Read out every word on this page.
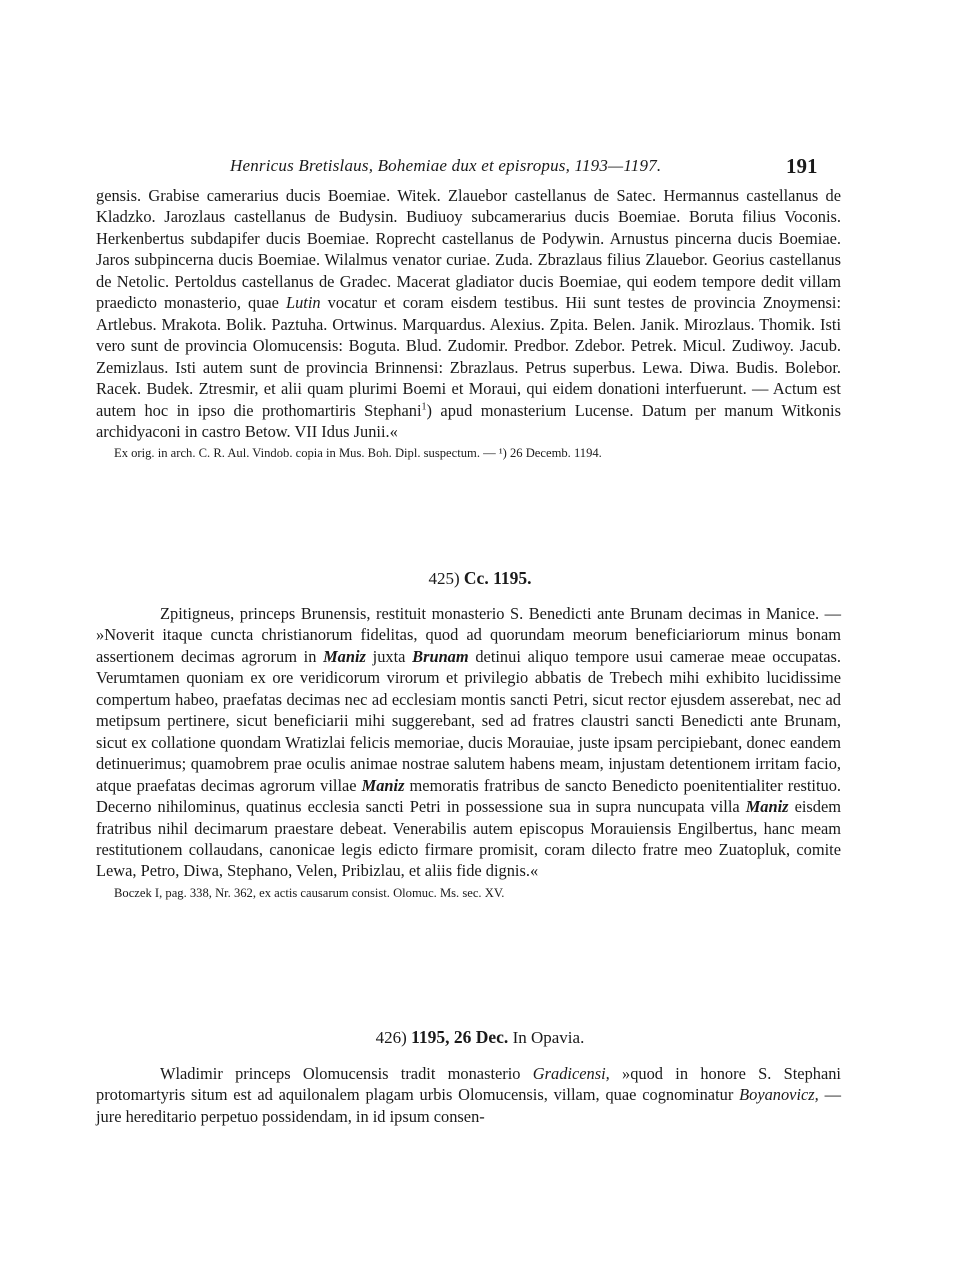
Henricus Bretislaus, Bohemiae dux et episropus, 1193—1197.	191

gensis. Grabise camerarius ducis Boemiae. Witek. Zlauebor castellanus de Satec. Hermannus castellanus de Kladzko. Jarozlaus castellanus de Budysin. Budiuoy subcamerarius ducis Boemiae. Boruta filius Voconis. Herkenbertus subdapifer ducis Boemiae. Roprecht castellanus de Podywin. Arnustus pincerna ducis Boemiae. Jaros subpincerna ducis Boemiae. Wilalmus venator curiae. Zuda. Zbrazlaus filius Zlauebor. Georius castellanus de Netolic. Pertoldus castellanus de Gradec. Macerat gladiator ducis Boemiae, qui eodem tempore dedit villam praedicto monasterio, quae Lutin vocatur et coram eisdem testibus. Hii sunt testes de provincia Znoymensi: Artlebus. Mrakota. Bolik. Paztuha. Ortwinus. Marquardus. Alexius. Zpita. Belen. Janik. Mirozlaus. Thomik. Isti vero sunt de provincia Olomucensis: Boguta. Blud. Zudomir. Predbor. Zdebor. Petrek. Micul. Zudiwoy. Jacub. Zemizlaus. Isti autem sunt de provincia Brinnensi: Zbrazlaus. Petrus superbus. Lewa. Diwa. Budis. Bolebor. Racek. Budek. Ztresmir, et alii quam plurimi Boemi et Moraui, qui eidem donationi interfuerunt. — Actum est autem hoc in ipso die prothomartiris Stephani$^1$) apud monasterium Lucense. Datum per manum Witkonis archidyaconi in castro Betow. VII Idus Junii.«

Ex orig. in arch. C. R. Aul. Vindob. copia in Mus. Boh. Dipl. suspectum. — ¹) 26 Decemb. 1194.

425) Cc. 1195.

Zpitigneus, princeps Brunensis, restituit monasterio S. Benedicti ante Brunam decimas in Manice. — »Noverit itaque cuncta christianorum fidelitas, quod ad quorundam meorum beneficiariorum minus bonam assertionem decimas agrorum in Maniz juxta Brunam detinui aliquo tempore usui camerae meae occupatas. Verumtamen quoniam ex ore veridicorum virorum et privilegio abbatis de Trebech mihi exhibito lucidissime compertum habeo, praefatas decimas nec ad ecclesiam montis sancti Petri, sicut rector ejusdem asserebat, nec ad metipsum pertinere, sicut beneficiarii mihi suggerebant, sed ad fratres claustri sancti Benedicti ante Brunam, sicut ex collatione quondam Wratizlai felicis memoriae, ducis Morauiae, juste ipsam percipiebant, donec eandem detinuerimus; quamobrem prae oculis animae nostrae salutem habens meam, injustam detentionem irritam facio, atque praefatas decimas agrorum villae Maniz memoratis fratribus de sancto Benedicto poenitentialiter restituo. Decerno nihilominus, quatinus ecclesia sancti Petri in possessione sua in supra nuncupata villa Maniz eisdem fratribus nihil decimarum praestare debeat. Venerabilis autem episcopus Morauiensis Engilbertus, hanc meam restitutionem collaudans, canonicae legis edicto firmare promisit, coram dilecto fratre meo Zuatopluk, comite Lewa, Petro, Diwa, Stephano, Velen, Pribizlau, et aliis fide dignis.«

Boczek I, pag. 338, Nr. 362, ex actis causarum consist. Olomuc. Ms. sec. XV.

426) 1195, 26 Dec. In Opavia.

Wladimir princeps Olomucensis tradit monasterio Gradicensi, »quod in honore S. Stephani protomartyris situm est ad aquilonalem plagam urbis Olomucensis, villam, quae cognominatur Boyanovicz, — jure hereditario perpetuo possidendam, in id ipsum consen-
